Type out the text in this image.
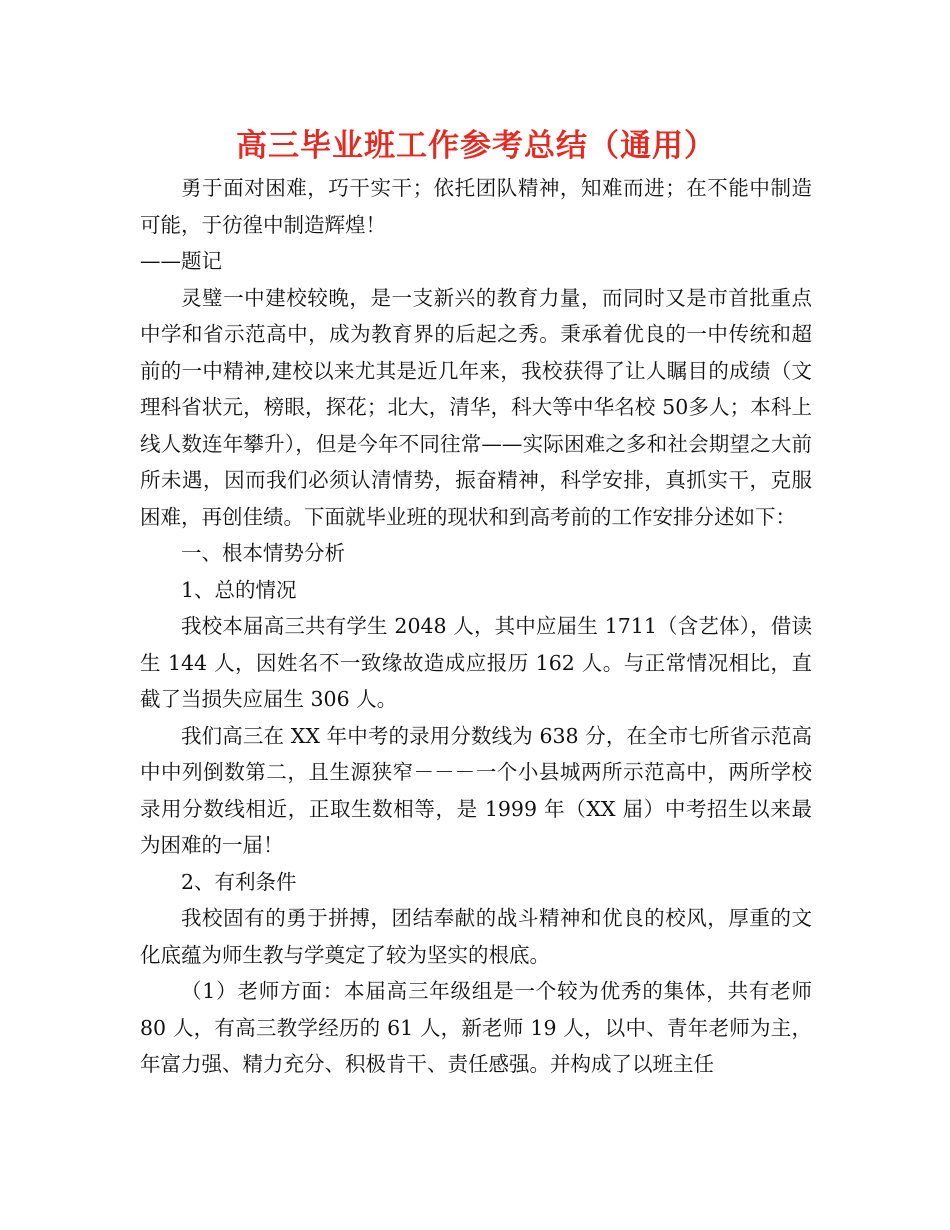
高三毕业班工作参考总结（通用）

勇于面对困难，巧干实干；依托团队精神，知难而进；在不能中制造可能，于彷徨中制造辉煌！

——题记

灵璧一中建校较晚，是一支新兴的教育力量，而同时又是市首批重点中学和省示范高中，成为教育界的后起之秀。秉承着优良的一中传统和超前的一中精神,建校以来尤其是近几年来，我校获得了让人瞩目的成绩（文理科省状元，榜眼，探花；北大，清华，科大等中华名校 50多人；本科上线人数连年攀升），但是今年不同往常——实际困难之多和社会期望之大前所未遇，因而我们必须认清情势，振奋精神，科学安排，真抓实干，克服困难，再创佳绩。下面就毕业班的现状和到高考前的工作安排分述如下：

一、根本情势分析

1、总的情况

我校本届高三共有学生 2048 人，其中应届生 1711（含艺体），借读生 144 人，因姓名不一致缘故造成应报历 162 人。与正常情况相比，直截了当损失应届生 306 人。

我们高三在 XX 年中考的录用分数线为 638 分，在全市七所省示范高中中列倒数第二，且生源狭窄－－－一个小县城两所示范高中，两所学校录用分数线相近，正取生数相等，是 1999 年（XX 届）中考招生以来最为困难的一届！

2、有利条件

我校固有的勇于拼搏，团结奉献的战斗精神和优良的校风，厚重的文化底蕴为师生教与学奠定了较为坚实的根底。

（1）老师方面：本届高三年级组是一个较为优秀的集体，共有老师 80 人，有高三教学经历的 61 人，新老师 19 人，以中、青年老师为主，年富力强、精力充分、积极肯干、责任感强。并构成了以班主任
